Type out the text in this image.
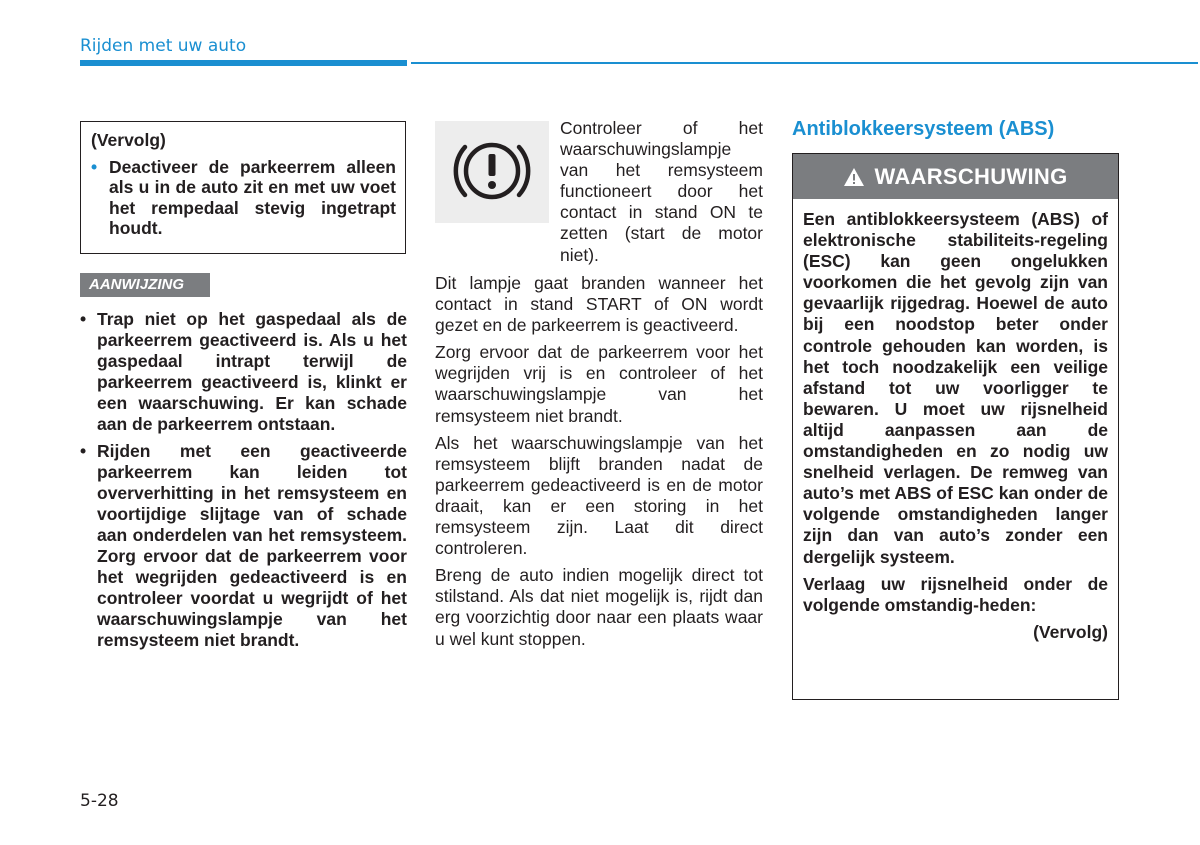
Rijden met uw auto
(Vervolg)
• Deactiveer de parkeerrem alleen als u in de auto zit en met uw voet het rempedaal stevig ingetrapt houdt.
AANWIJZING
• Trap niet op het gaspedaal als de parkeerrem geactiveerd is. Als u het gaspedaal intrapt terwijl de parkeerrem geactiveerd is, klinkt er een waarschuwing. Er kan schade aan de parkeerrem ontstaan.
• Rijden met een geactiveerde parkeerrem kan leiden tot oververhitting in het remsysteem en voortijdige slijtage van of schade aan onderdelen van het remsysteem. Zorg ervoor dat de parkeerrem voor het wegrijden gedeactiveerd is en controleer voordat u wegrijdt of het waarschuwingslampje van het remsysteem niet brandt.
Controleer of het waarschuwingslampje van het remsysteem functioneert door het contact in stand ON te zetten (start de motor niet).

Dit lampje gaat branden wanneer het contact in stand START of ON wordt gezet en de parkeerrem is geactiveerd.

Zorg ervoor dat de parkeerrem voor het wegrijden vrij is en controleer of het waarschuwingslampje van het remsysteem niet brandt.

Als het waarschuwingslampje van het remsysteem blijft branden nadat de parkeerrem gedeactiveerd is en de motor draait, kan er een storing in het remsysteem zijn. Laat dit direct controleren.

Breng de auto indien mogelijk direct tot stilstand. Als dat niet mogelijk is, rijdt dan erg voorzichtig door naar een plaats waar u wel kunt stoppen.

Antiblokkeersysteem (ABS)
WAARSCHUWING

Een antiblokkeersysteem (ABS) of elektronische stabiliteits-regeling (ESC) kan geen ongelukken voorkomen die het gevolg zijn van gevaarlijk rijgedrag. Hoewel de auto bij een noodstop beter onder controle gehouden kan worden, is het toch noodzakelijk een veilige afstand tot uw voorligger te bewaren. U moet uw rijsnelheid altijd aanpassen aan de omstandigheden en zo nodig uw snelheid verlagen. De remweg van auto’s met ABS of ESC kan onder de volgende omstandigheden langer zijn dan van auto’s zonder een dergelijk systeem.

Verlaag uw rijsnelheid onder de volgende omstandig-heden:

(Vervolg)

5-28
